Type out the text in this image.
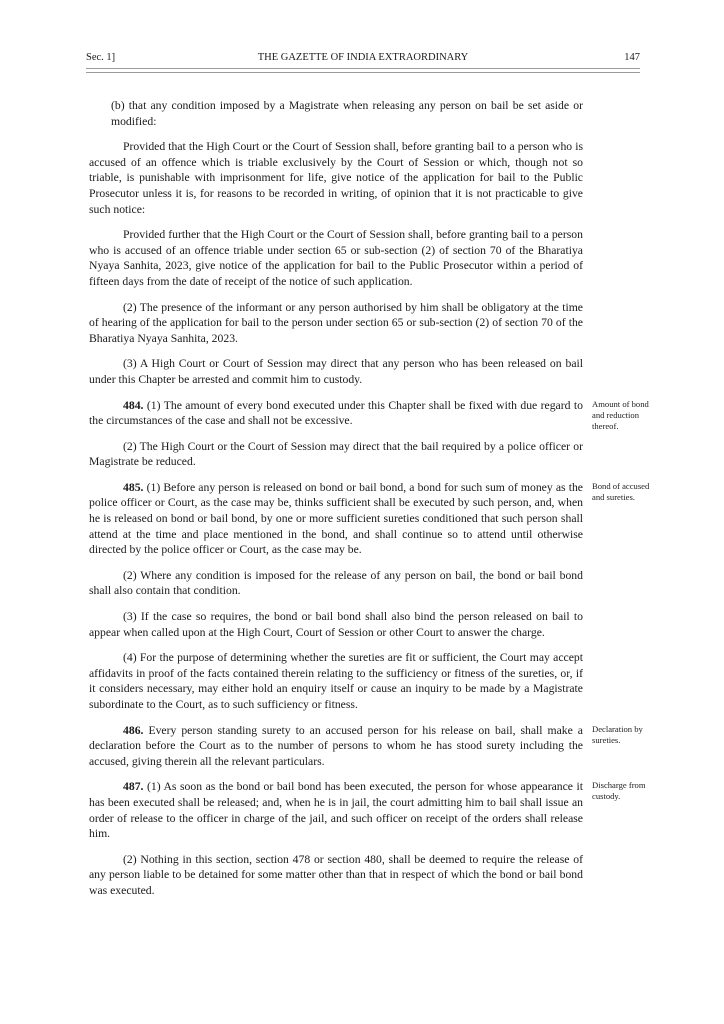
Sec. 1]	THE GAZETTE OF INDIA EXTRAORDINARY	147

(b) that any condition imposed by a Magistrate when releasing any person on bail be set aside or modified:

Provided that the High Court or the Court of Session shall, before granting bail to a person who is accused of an offence which is triable exclusively by the Court of Session or which, though not so triable, is punishable with imprisonment for life, give notice of the application for bail to the Public Prosecutor unless it is, for reasons to be recorded in writing, of opinion that it is not practicable to give such notice:

Provided further that the High Court or the Court of Session shall, before granting bail to a person who is accused of an offence triable under section 65 or sub-section (2) of section 70 of the Bharatiya Nyaya Sanhita, 2023, give notice of the application for bail to the Public Prosecutor within a period of fifteen days from the date of receipt of the notice of such application.

(2) The presence of the informant or any person authorised by him shall be obligatory at the time of hearing of the application for bail to the person under section 65 or sub-section (2) of section 70 of the Bharatiya Nyaya Sanhita, 2023.

(3) A High Court or Court of Session may direct that any person who has been released on bail under this Chapter be arrested and commit him to custody.

484. (1) The amount of every bond executed under this Chapter shall be fixed with due regard to the circumstances of the case and shall not be excessive.
Amount of bond and reduction thereof.

(2) The High Court or the Court of Session may direct that the bail required by a police officer or Magistrate be reduced.

485. (1) Before any person is released on bond or bail bond, a bond for such sum of money as the police officer or Court, as the case may be, thinks sufficient shall be executed by such person, and, when he is released on bond or bail bond, by one or more sufficient sureties conditioned that such person shall attend at the time and place mentioned in the bond, and shall continue so to attend until otherwise directed by the police officer or Court, as the case may be.
Bond of accused and sureties.

(2) Where any condition is imposed for the release of any person on bail, the bond or bail bond shall also contain that condition.

(3) If the case so requires, the bond or bail bond shall also bind the person released on bail to appear when called upon at the High Court, Court of Session or other Court to answer the charge.

(4) For the purpose of determining whether the sureties are fit or sufficient, the Court may accept affidavits in proof of the facts contained therein relating to the sufficiency or fitness of the sureties, or, if it considers necessary, may either hold an enquiry itself or cause an inquiry to be made by a Magistrate subordinate to the Court, as to such sufficiency or fitness.

486. Every person standing surety to an accused person for his release on bail, shall make a declaration before the Court as to the number of persons to whom he has stood surety including the accused, giving therein all the relevant particulars.
Declaration by sureties.

487. (1) As soon as the bond or bail bond has been executed, the person for whose appearance it has been executed shall be released; and, when he is in jail, the court admitting him to bail shall issue an order of release to the officer in charge of the jail, and such officer on receipt of the orders shall release him.
Discharge from custody.

(2) Nothing in this section, section 478 or section 480, shall be deemed to require the release of any person liable to be detained for some matter other than that in respect of which the bond or bail bond was executed.
